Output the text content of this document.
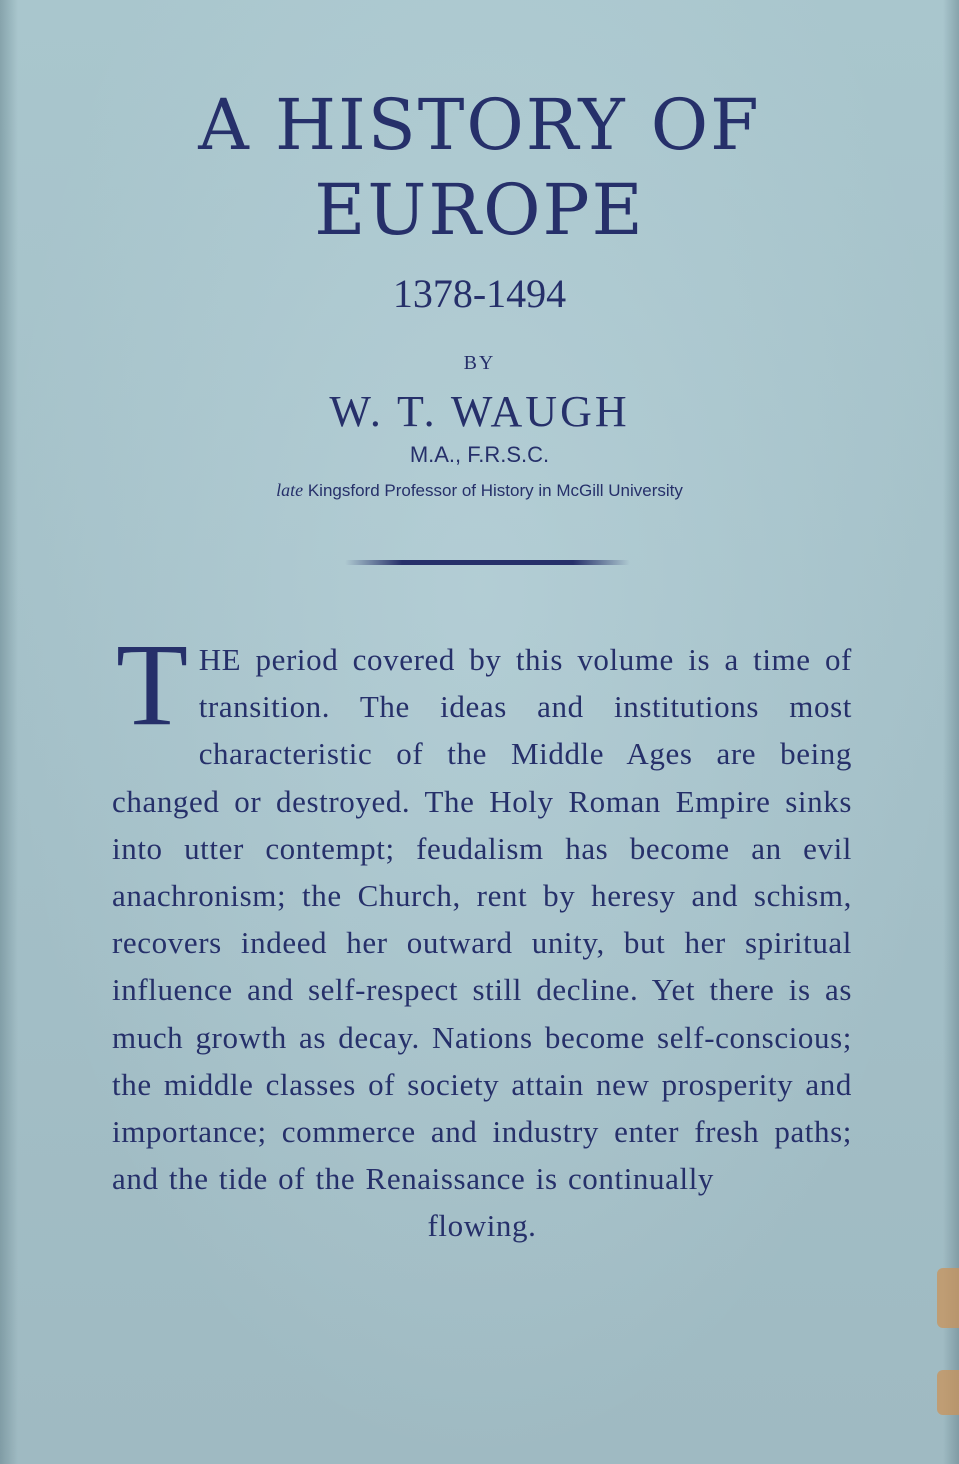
A HISTORY OF
EUROPE
1378-1494
BY
W. T. WAUGH
M.A., F.R.S.C.
late Kingsford Professor of History in McGill University
THE period covered by this volume is a time of transition. The ideas and institutions most characteristic of the Middle Ages are being changed or destroyed. The Holy Roman Empire sinks into utter contempt; feudalism has become an evil anachronism; the Church, rent by heresy and schism, recovers indeed her outward unity, but her spiritual influence and self-respect still decline. Yet there is as much growth as decay. Nations become self-conscious; the middle classes of society attain new prosperity and importance; commerce and industry enter fresh paths; and the tide of the Renaissance is continually
flowing.
